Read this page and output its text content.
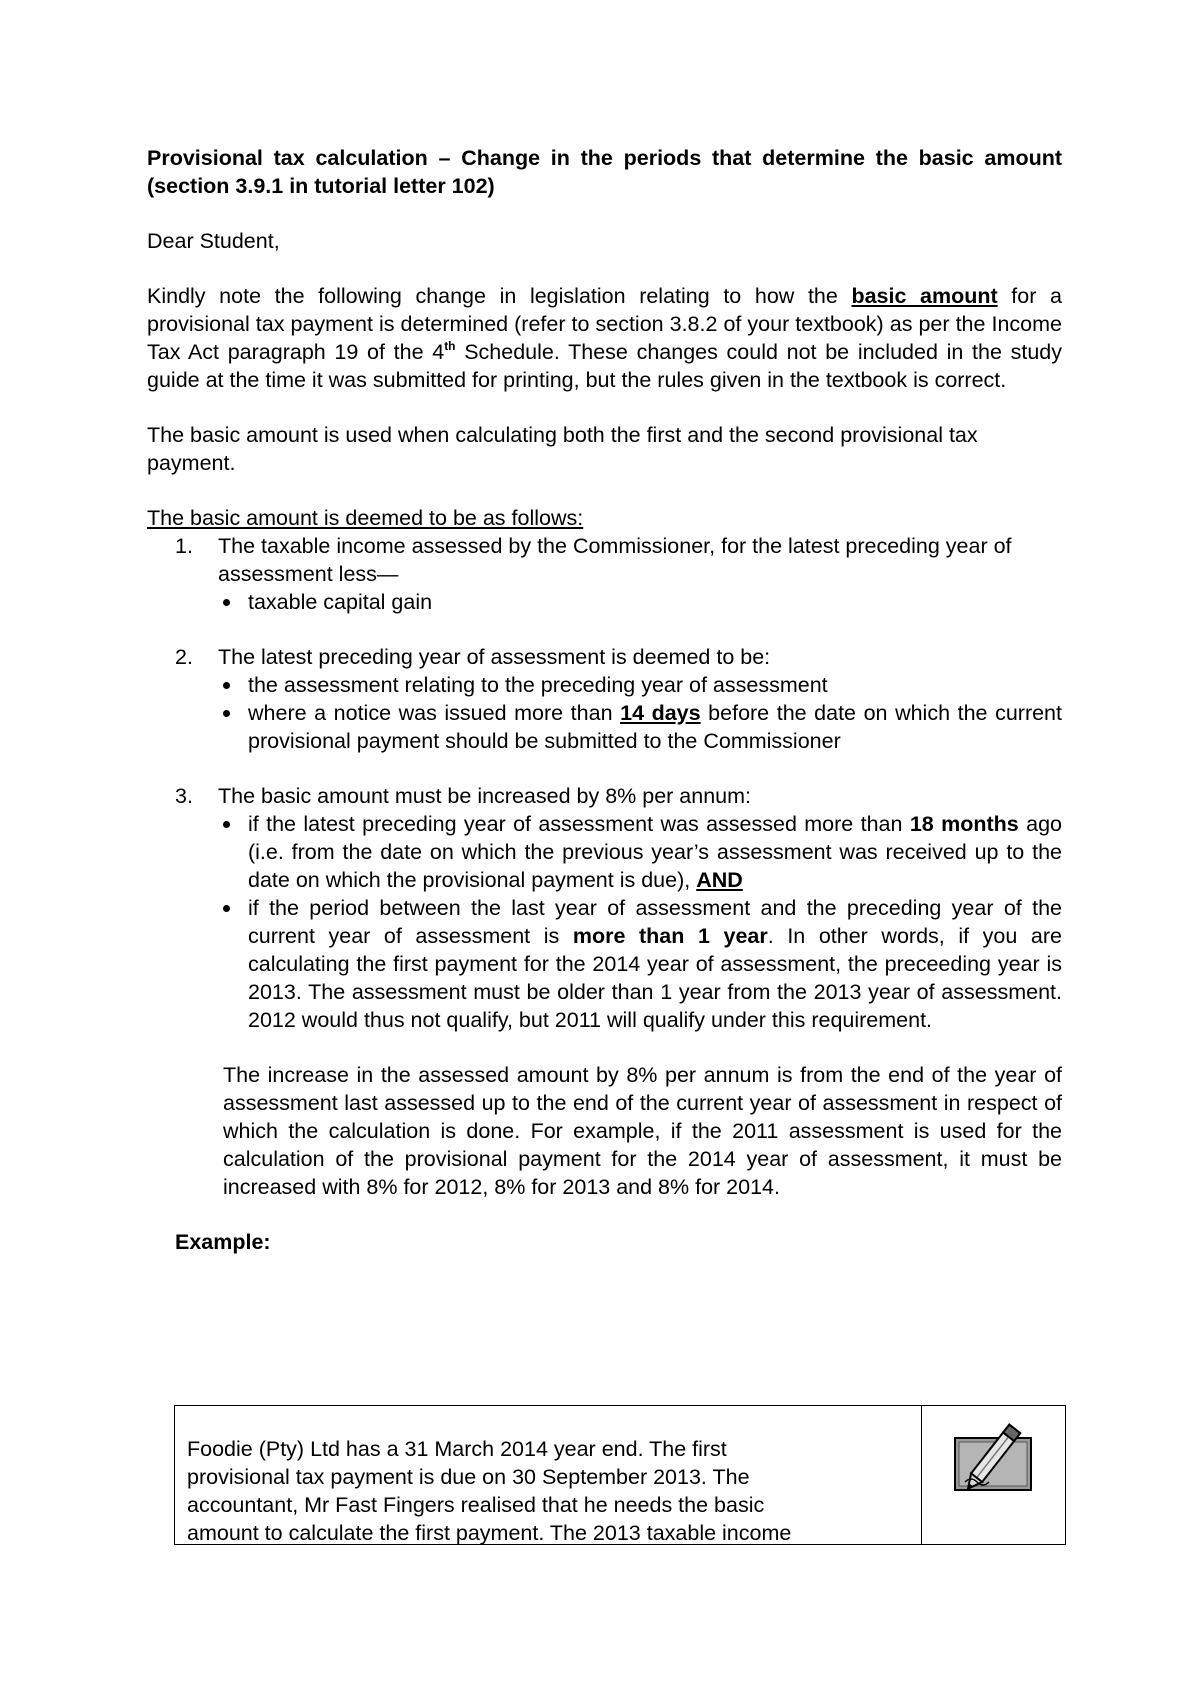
Provisional tax calculation – Change in the periods that determine the basic amount (section 3.9.1 in tutorial letter 102)

Dear Student,

Kindly note the following change in legislation relating to how the basic amount for a provisional tax payment is determined (refer to section 3.8.2 of your textbook) as per the Income Tax Act paragraph 19 of the 4th Schedule. These changes could not be included in the study guide at the time it was submitted for printing, but the rules given in the textbook is correct.

The basic amount is used when calculating both the first and the second provisional tax payment.

The basic amount is deemed to be as follows:

1. The taxable income assessed by the Commissioner, for the latest preceding year of assessment less—

taxable capital gain
2. The latest preceding year of assessment is deemed to be:

the assessment relating to the preceding year of assessment
where a notice was issued more than 14 days before the date on which the current provisional payment should be submitted to the Commissioner
3. The basic amount must be increased by 8% per annum:

if the latest preceding year of assessment was assessed more than 18 months ago (i.e. from the date on which the previous year’s assessment was received up to the date on which the provisional payment is due), AND
if the period between the last year of assessment and the preceding year of the current year of assessment is more than 1 year. In other words, if you are calculating the first payment for the 2014 year of assessment, the preceeding year is 2013. The assessment must be older than 1 year from the 2013 year of assessment. 2012 would thus not qualify, but 2011 will qualify under this requirement.

The increase in the assessed amount by 8% per annum is from the end of the year of assessment last assessed up to the end of the current year of assessment in respect of which the calculation is done. For example, if the 2011 assessment is used for the calculation of the provisional payment for the 2014 year of assessment, it must be increased with 8% for 2012, 8% for 2013 and 8% for 2014.

Example:

Foodie (Pty) Ltd has a 31 March 2014 year end. The first
provisional tax payment is due on 30 September 2013. The
accountant, Mr Fast Fingers realised that he needs the basic
amount to calculate the first payment. The 2013 taxable income
